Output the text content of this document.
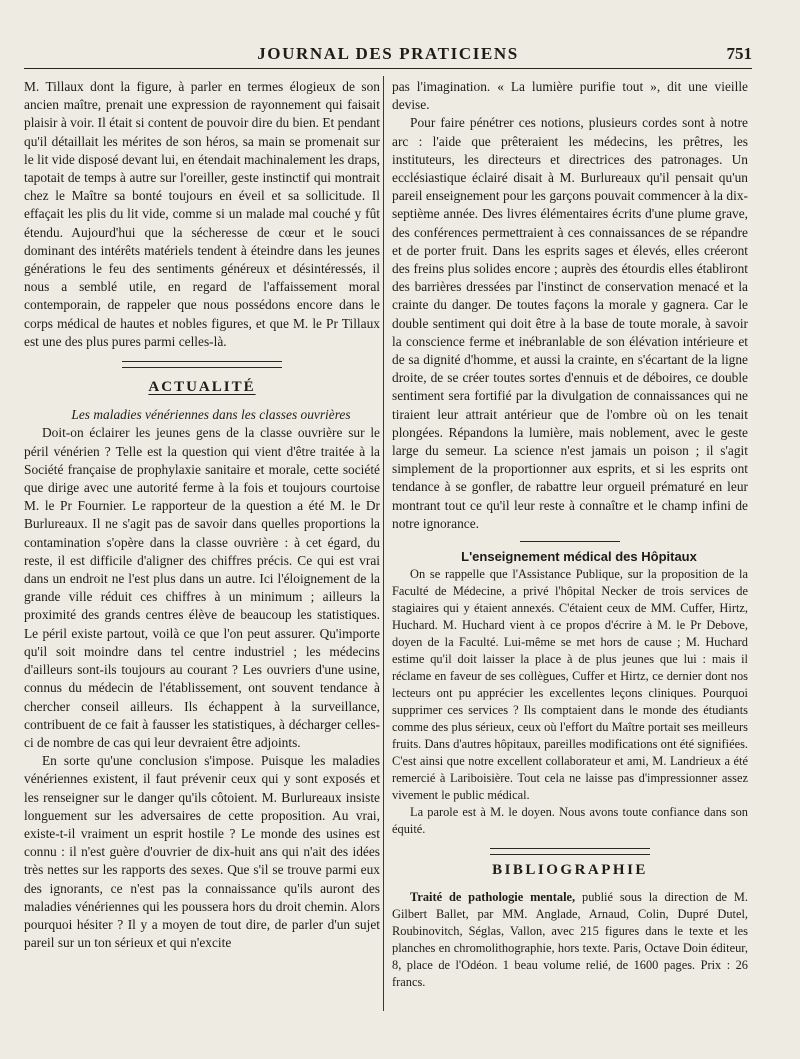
JOURNAL DES PRATICIENS	751

M. Tillaux dont la figure, à parler en termes élogieux de son ancien maître, prenait une expression de rayonnement qui faisait plaisir à voir. Il était si content de pouvoir dire du bien. Et pendant qu'il détaillait les mérites de son héros, sa main se promenait sur le lit vide disposé devant lui, en étendait machinalement les draps, tapotait de temps à autre sur l'oreiller, geste instinctif qui montrait chez le Maître sa bonté toujours en éveil et sa sollicitude. Il effaçait les plis du lit vide, comme si un malade mal couché y fût étendu. Aujourd'hui que la sécheresse de cœur et le souci dominant des intérêts matériels tendent à éteindre dans les jeunes générations le feu des sentiments généreux et désintéressés, il nous a semblé utile, en regard de l'affaissement moral contemporain, de rappeler que nous possédons encore dans le corps médical de hautes et nobles figures, et que M. le Pr Tillaux est une des plus pures parmi celles-là.

ACTUALITÉ

Les maladies vénériennes dans les classes ouvrières

Doit-on éclairer les jeunes gens de la classe ouvrière sur le péril vénérien ? Telle est la question qui vient d'être traitée à la Société française de prophylaxie sanitaire et morale, cette société que dirige avec une autorité ferme à la fois et toujours courtoise M. le Pr Fournier. Le rapporteur de la question a été M. le Dr Burlureaux. Il ne s'agit pas de savoir dans quelles proportions la contamination s'opère dans la classe ouvrière : à cet égard, du reste, il est difficile d'aligner des chiffres précis. Ce qui est vrai dans un endroit ne l'est plus dans un autre. Ici l'éloignement de la grande ville réduit ces chiffres à un minimum ; ailleurs la proximité des grands centres élève de beaucoup les statistiques. Le péril existe partout, voilà ce que l'on peut assurer. Qu'importe qu'il soit moindre dans tel centre industriel ; les médecins d'ailleurs sont-ils toujours au courant ? Les ouvriers d'une usine, connus du médecin de l'établissement, ont souvent tendance à chercher conseil ailleurs. Ils échappent à la surveillance, contribuent de ce fait à fausser les statistiques, à décharger celles-ci de nombre de cas qui leur devraient être adjoints.

En sorte qu'une conclusion s'impose. Puisque les maladies vénériennes existent, il faut prévenir ceux qui y sont exposés et les renseigner sur le danger qu'ils côtoient. M. Burlureaux insiste longuement sur les adversaires de cette proposition. Au vrai, existe-t-il vraiment un esprit hostile ? Le monde des usines est connu : il n'est guère d'ouvrier de dix-huit ans qui n'ait des idées très nettes sur les rapports des sexes. Que s'il se trouve parmi eux des ignorants, ce n'est pas la connaissance qu'ils auront des maladies vénériennes qui les poussera hors du droit chemin. Alors pourquoi hésiter ? Il y a moyen de tout dire, de parler d'un sujet pareil sur un ton sérieux et qui n'excite

pas l'imagination. « La lumière purifie tout », dit une vieille devise.

Pour faire pénétrer ces notions, plusieurs cordes sont à notre arc : l'aide que prêteraient les médecins, les prêtres, les instituteurs, les directeurs et directrices des patronages. Un ecclésiastique éclairé disait à M. Burlureaux qu'il pensait qu'un pareil enseignement pour les garçons pouvait commencer à la dix-septième année. Des livres élémentaires écrits d'une plume grave, des conférences permettraient à ces connaissances de se répandre et de porter fruit. Dans les esprits sages et élevés, elles créeront des freins plus solides encore ; auprès des étourdis elles établiront des barrières dressées par l'instinct de conservation menacé et la crainte du danger. De toutes façons la morale y gagnera. Car le double sentiment qui doit être à la base de toute morale, à savoir la conscience ferme et inébranlable de son élévation intérieure et de sa dignité d'homme, et aussi la crainte, en s'écartant de la ligne droite, de se créer toutes sortes d'ennuis et de déboires, ce double sentiment sera fortifié par la divulgation de connaissances qui ne tiraient leur attrait antérieur que de l'ombre où on les tenait plongées. Répandons la lumière, mais noblement, avec le geste large du semeur. La science n'est jamais un poison ; il s'agit simplement de la proportionner aux esprits, et si les esprits ont tendance à se gonfler, de rabattre leur orgueil prématuré en leur montrant tout ce qu'il leur reste à connaître et le champ infini de notre ignorance.

L'enseignement médical des Hôpitaux

On se rappelle que l'Assistance Publique, sur la proposition de la Faculté de Médecine, a privé l'hôpital Necker de trois services de stagiaires qui y étaient annexés. C'étaient ceux de MM. Cuffer, Hirtz, Huchard. M. Huchard vient à ce propos d'écrire à M. le Pr Debove, doyen de la Faculté. Lui-même se met hors de cause ; M. Huchard estime qu'il doit laisser la place à de plus jeunes que lui : mais il réclame en faveur de ses collègues, Cuffer et Hirtz, ce dernier dont nos lecteurs ont pu apprécier les excellentes leçons cliniques. Pourquoi supprimer ces services ? Ils comptaient dans le monde des étudiants comme des plus sérieux, ceux où l'effort du Maître portait ses meilleurs fruits. Dans d'autres hôpitaux, pareilles modifications ont été signifiées. C'est ainsi que notre excellent collaborateur et ami, M. Landrieux a été remercié à Lariboisière. Tout cela ne laisse pas d'impressionner assez vivement le public médical.

La parole est à M. le doyen. Nous avons toute confiance dans son équité.

BIBLIOGRAPHIE

Traité de pathologie mentale, publié sous la direction de M. Gilbert Ballet, par MM. Anglade, Arnaud, Colin, Dupré Dutel, Roubinovitch, Séglas, Vallon, avec 215 figures dans le texte et les planches en chromolithographie, hors texte. Paris, Octave Doin éditeur, 8, place de l'Odéon. 1 beau volume relié, de 1600 pages. Prix : 26 francs.
